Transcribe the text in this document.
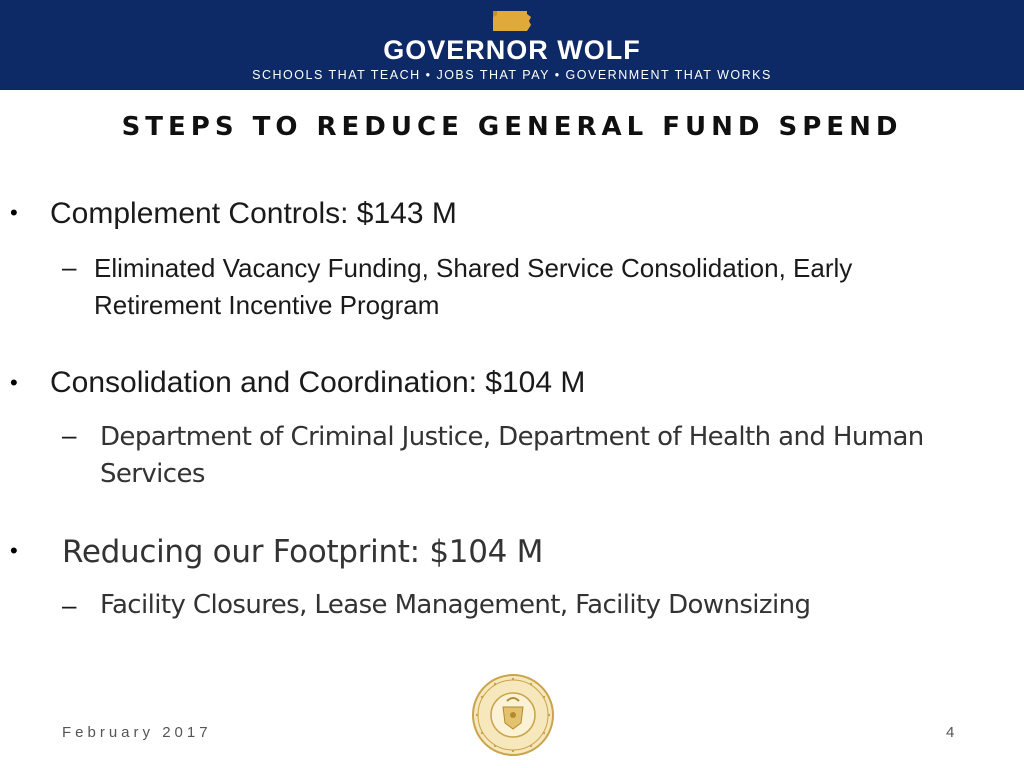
GOVERNOR WOLF
SCHOOLS THAT TEACH • JOBS THAT PAY • GOVERNMENT THAT WORKS
STEPS TO REDUCE GENERAL FUND SPEND
• Complement Controls: $143 M
– Eliminated Vacancy Funding, Shared Service Consolidation, Early
Retirement Incentive Program
• Consolidation and Coordination: $104 M
– Department of Criminal Justice, Department of Health and Human
Services
• Reducing our Footprint: $104 M
– Facility Closures, Lease Management, Facility Downsizing
February 2017	4
